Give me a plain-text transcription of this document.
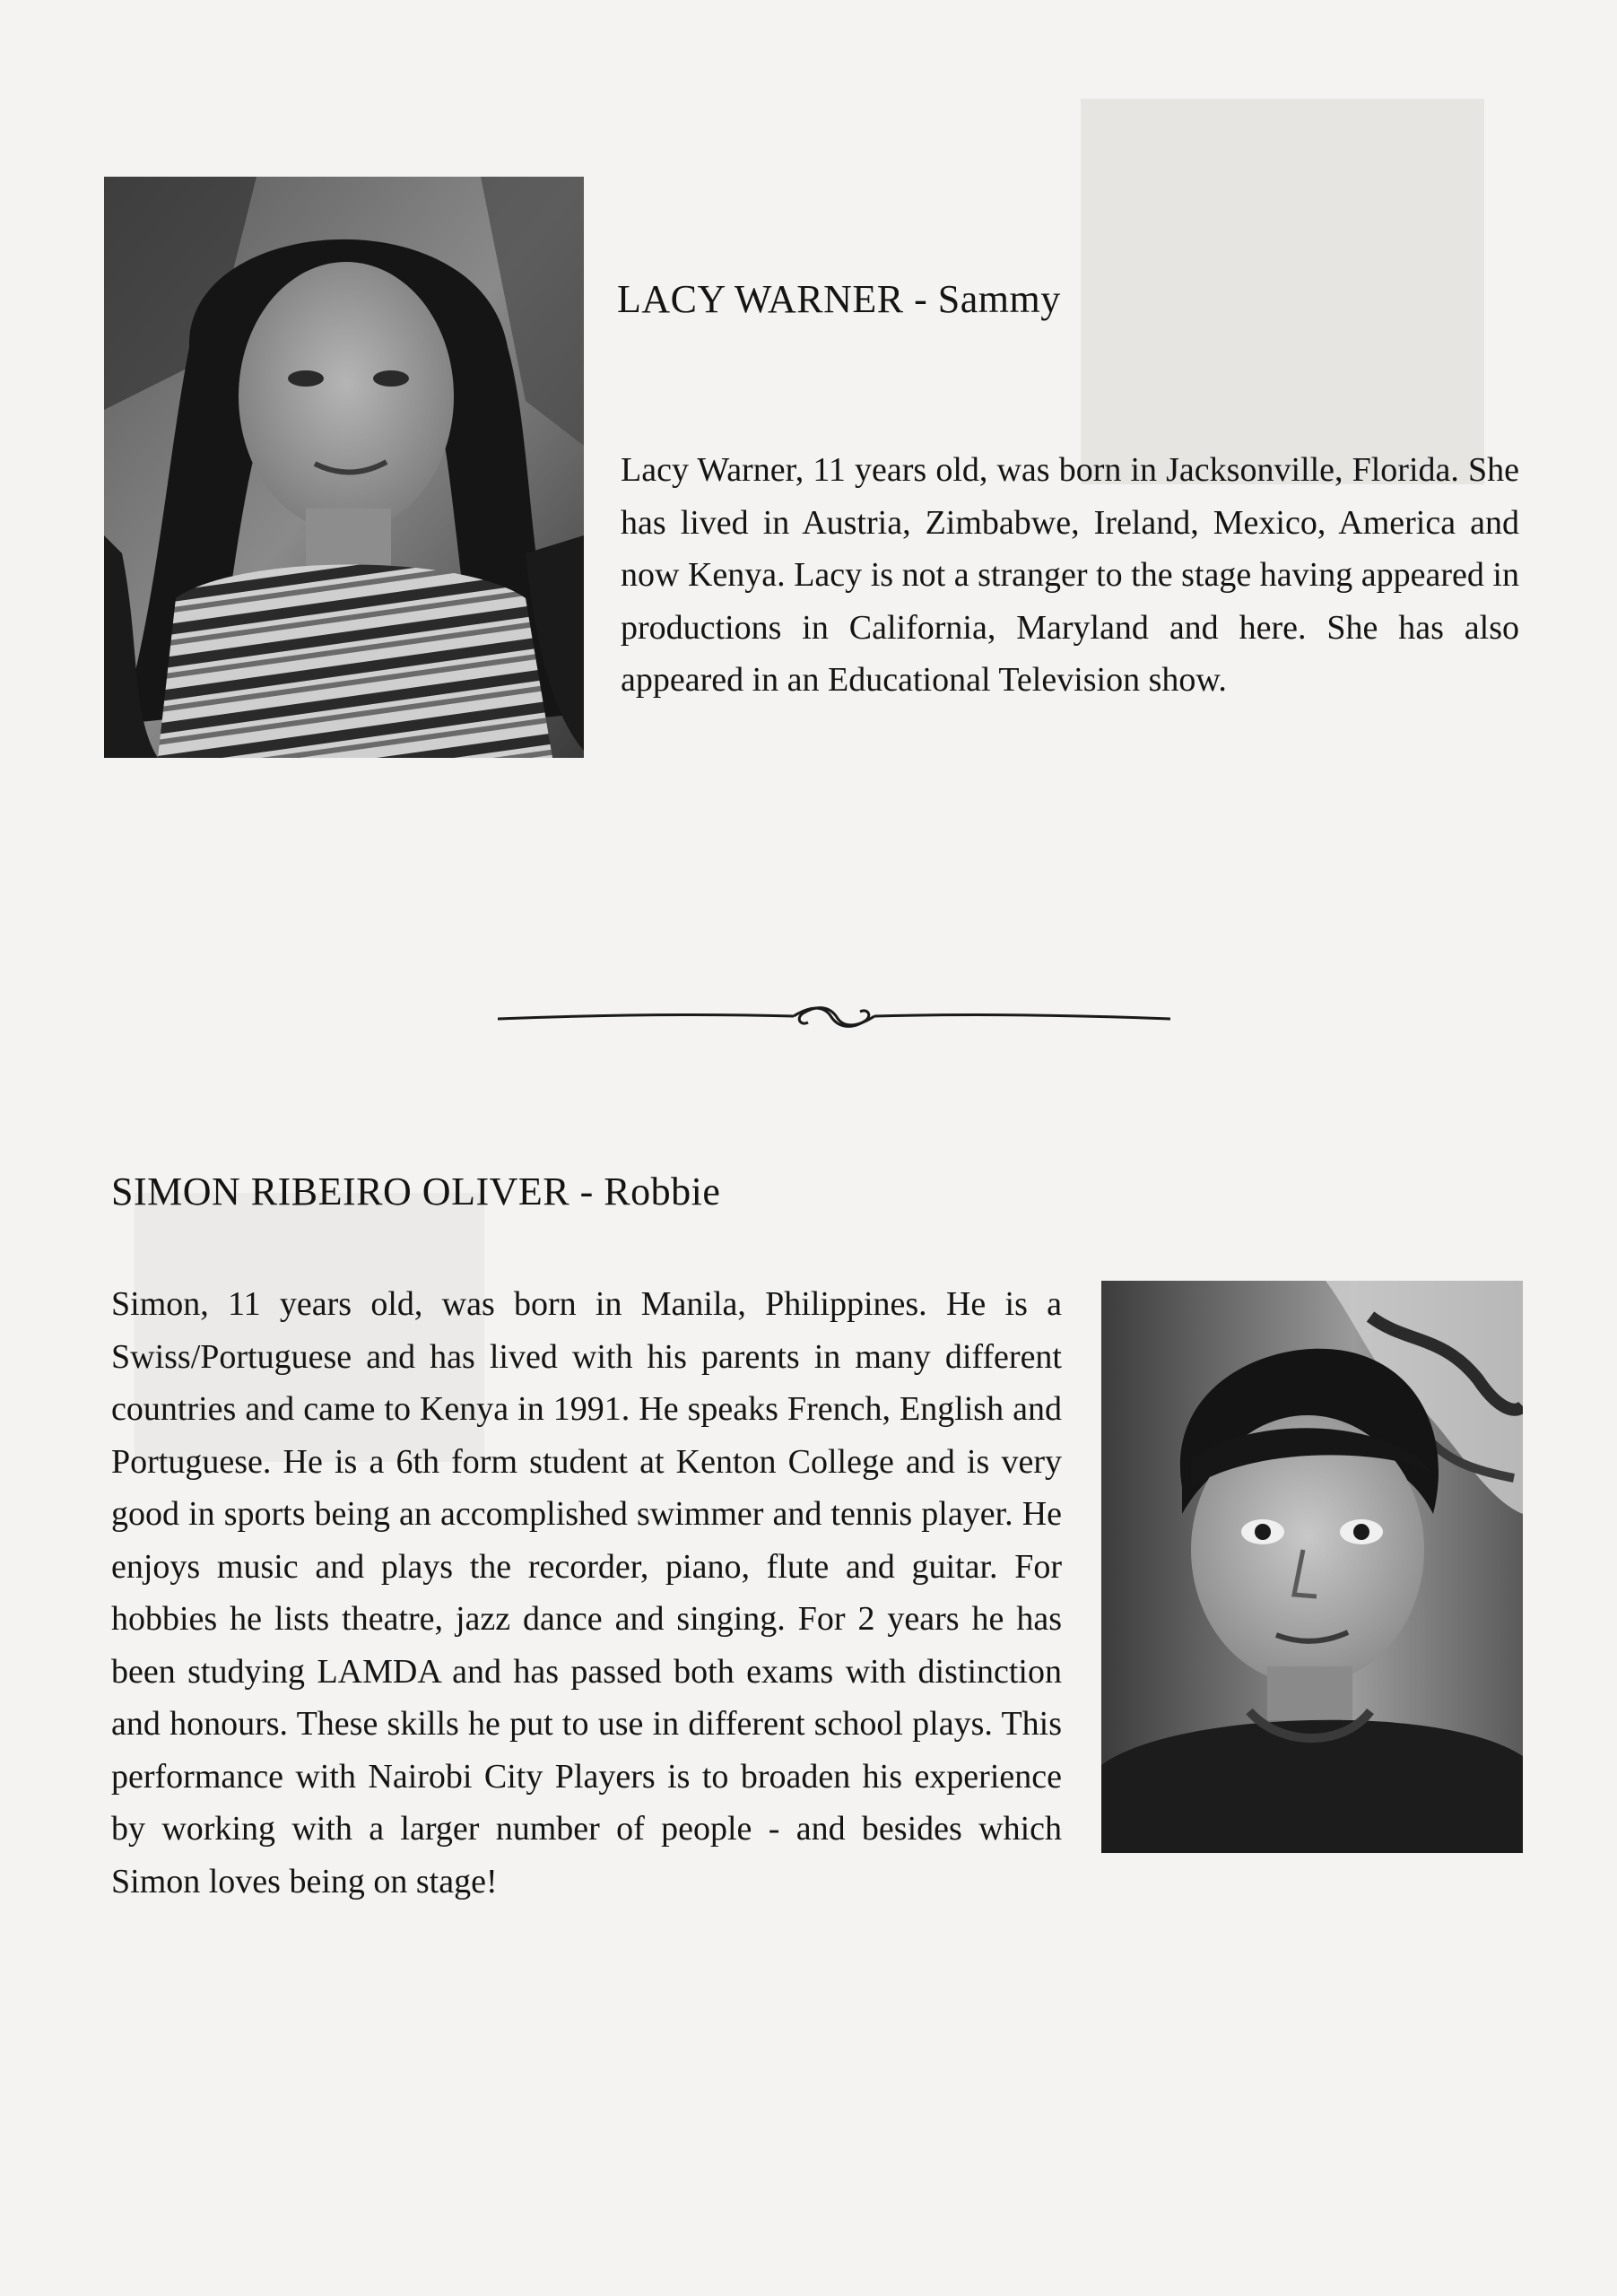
LACY WARNER - Sammy

Lacy Warner, 11 years old, was born in Jacksonville, Florida. She has lived in Austria, Zimbabwe, Ireland, Mexico, America and now Kenya. Lacy is not a stranger to the stage having appeared in productions in California, Maryland and here. She has also appeared in an Educational Television show.

SIMON RIBEIRO OLIVER - Robbie

Simon, 11 years old, was born in Manila, Philippines. He is a Swiss/Portuguese and has lived with his parents in many different countries and came to Kenya in 1991. He speaks French, English and Portuguese. He is a 6th form student at Kenton College and is very good in sports being an accomplished swimmer and tennis player. He enjoys music and plays the recorder, piano, flute and guitar. For hobbies he lists theatre, jazz dance and singing. For 2 years he has been studying LAMDA and has passed both exams with distinction and honours. These skills he put to use in different school plays. This performance with Nairobi City Players is to broaden his experience by working with a larger number of people - and besides which Simon loves being on stage!
